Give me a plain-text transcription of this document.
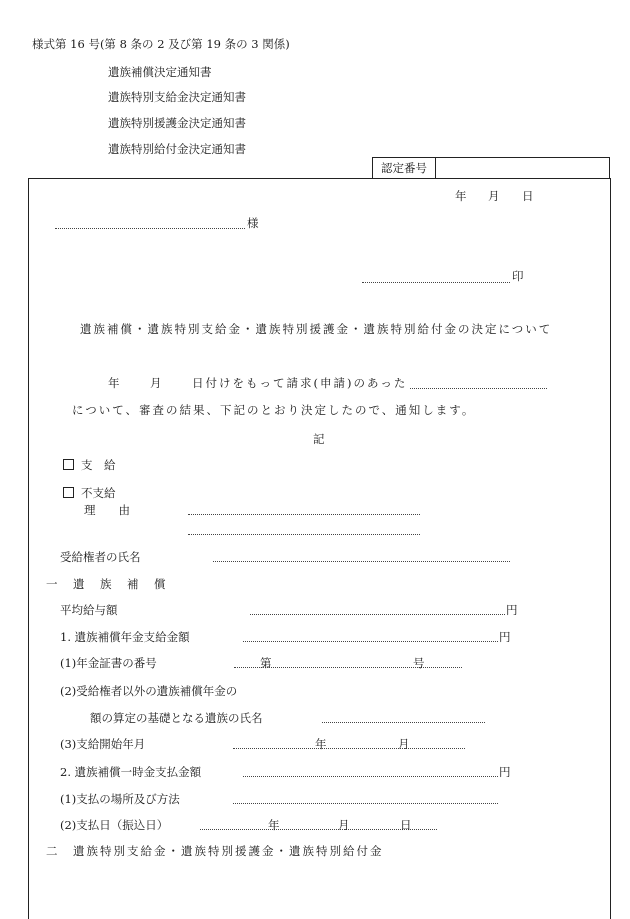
様式第 16 号(第 8 条の 2 及び第 19 条の 3 関係)
遺族補償決定通知書
遺族特別支給金決定通知書
遺族特別援護金決定通知書
遺族特別給付金決定通知書
認定番号
年 月 日
様
印
遺族補償・遺族特別支給金・遺族特別援護金・遺族特別給付金の決定について
年	月	日付けをもって請求(申請)のあった
について、審査の結果、下記のとおり決定したので、通知します。
記
支　給
不支給
理　　由
受給権者の氏名
一　遺　族　補　償
平均給与額	円
1. 遺族補償年金支給金額	円
(1)年金証書の番号	第	号
(2)受給権者以外の遺族補償年金の
額の算定の基礎となる遺族の氏名
(3)支給開始年月	年	月
2. 遺族補償一時金支払金額	円
(1)支払の場所及び方法
(2)支払日（振込日）	年	月	日
二　遺族特別支給金・遺族特別援護金・遺族特別給付金
